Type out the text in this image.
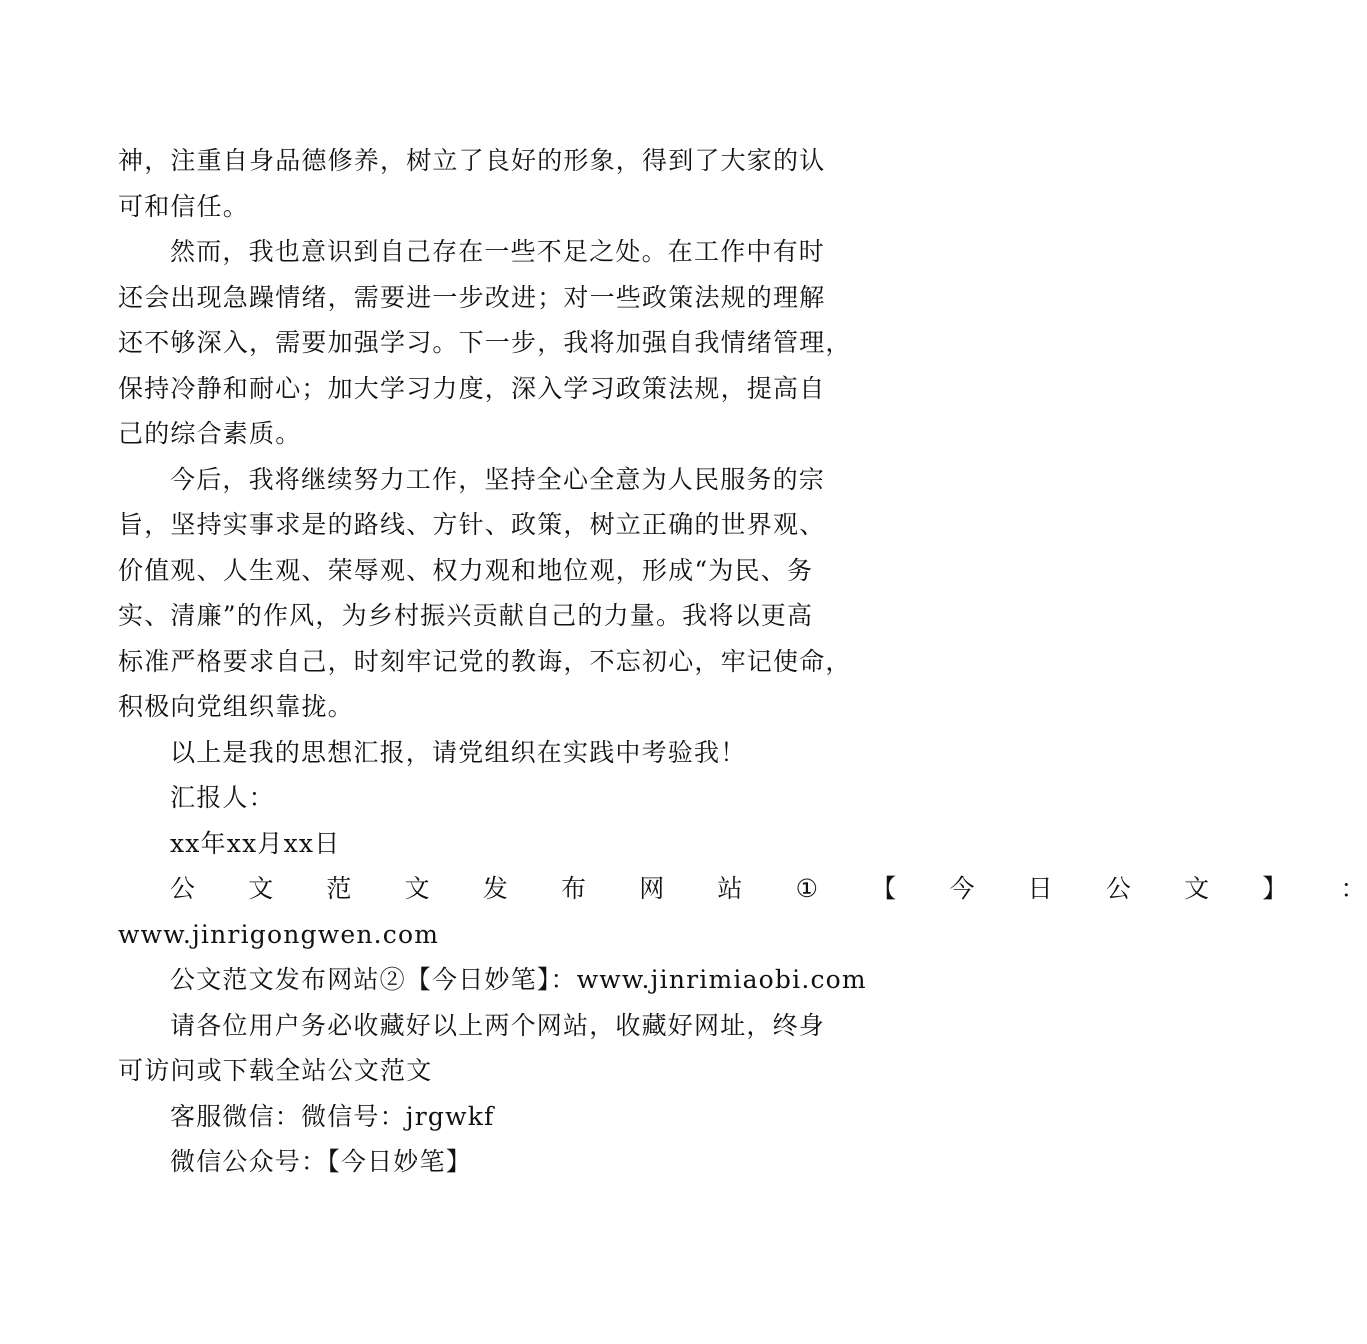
神，注重自身品德修养，树立了良好的形象，得到了大家的认
可和信任。
然而，我也意识到自己存在一些不足之处。在工作中有时
还会出现急躁情绪，需要进一步改进；对一些政策法规的理解
还不够深入，需要加强学习。下一步，我将加强自我情绪管理，
保持冷静和耐心；加大学习力度，深入学习政策法规，提高自
己的综合素质。
今后，我将继续努力工作，坚持全心全意为人民服务的宗
旨，坚持实事求是的路线、方针、政策，树立正确的世界观、
价值观、人生观、荣辱观、权力观和地位观，形成“为民、务
实、清廉”的作风，为乡村振兴贡献自己的力量。我将以更高
标准严格要求自己，时刻牢记党的教诲，不忘初心，牢记使命，
积极向党组织靠拢。
以上是我的思想汇报，请党组织在实践中考验我！
汇报人：
xx年xx月xx日
公	文	范	文	发	布	网	站	①	【	今	日	公	文	】	：
www.jinrigongwen.com
公文范文发布网站②【今日妙笔】：www.jinrimiaobi.com
请各位用户务必收藏好以上两个网站，收藏好网址，终身
可访问或下载全站公文范文
客服微信：微信号：jrgwkf
微信公众号：【今日妙笔】
